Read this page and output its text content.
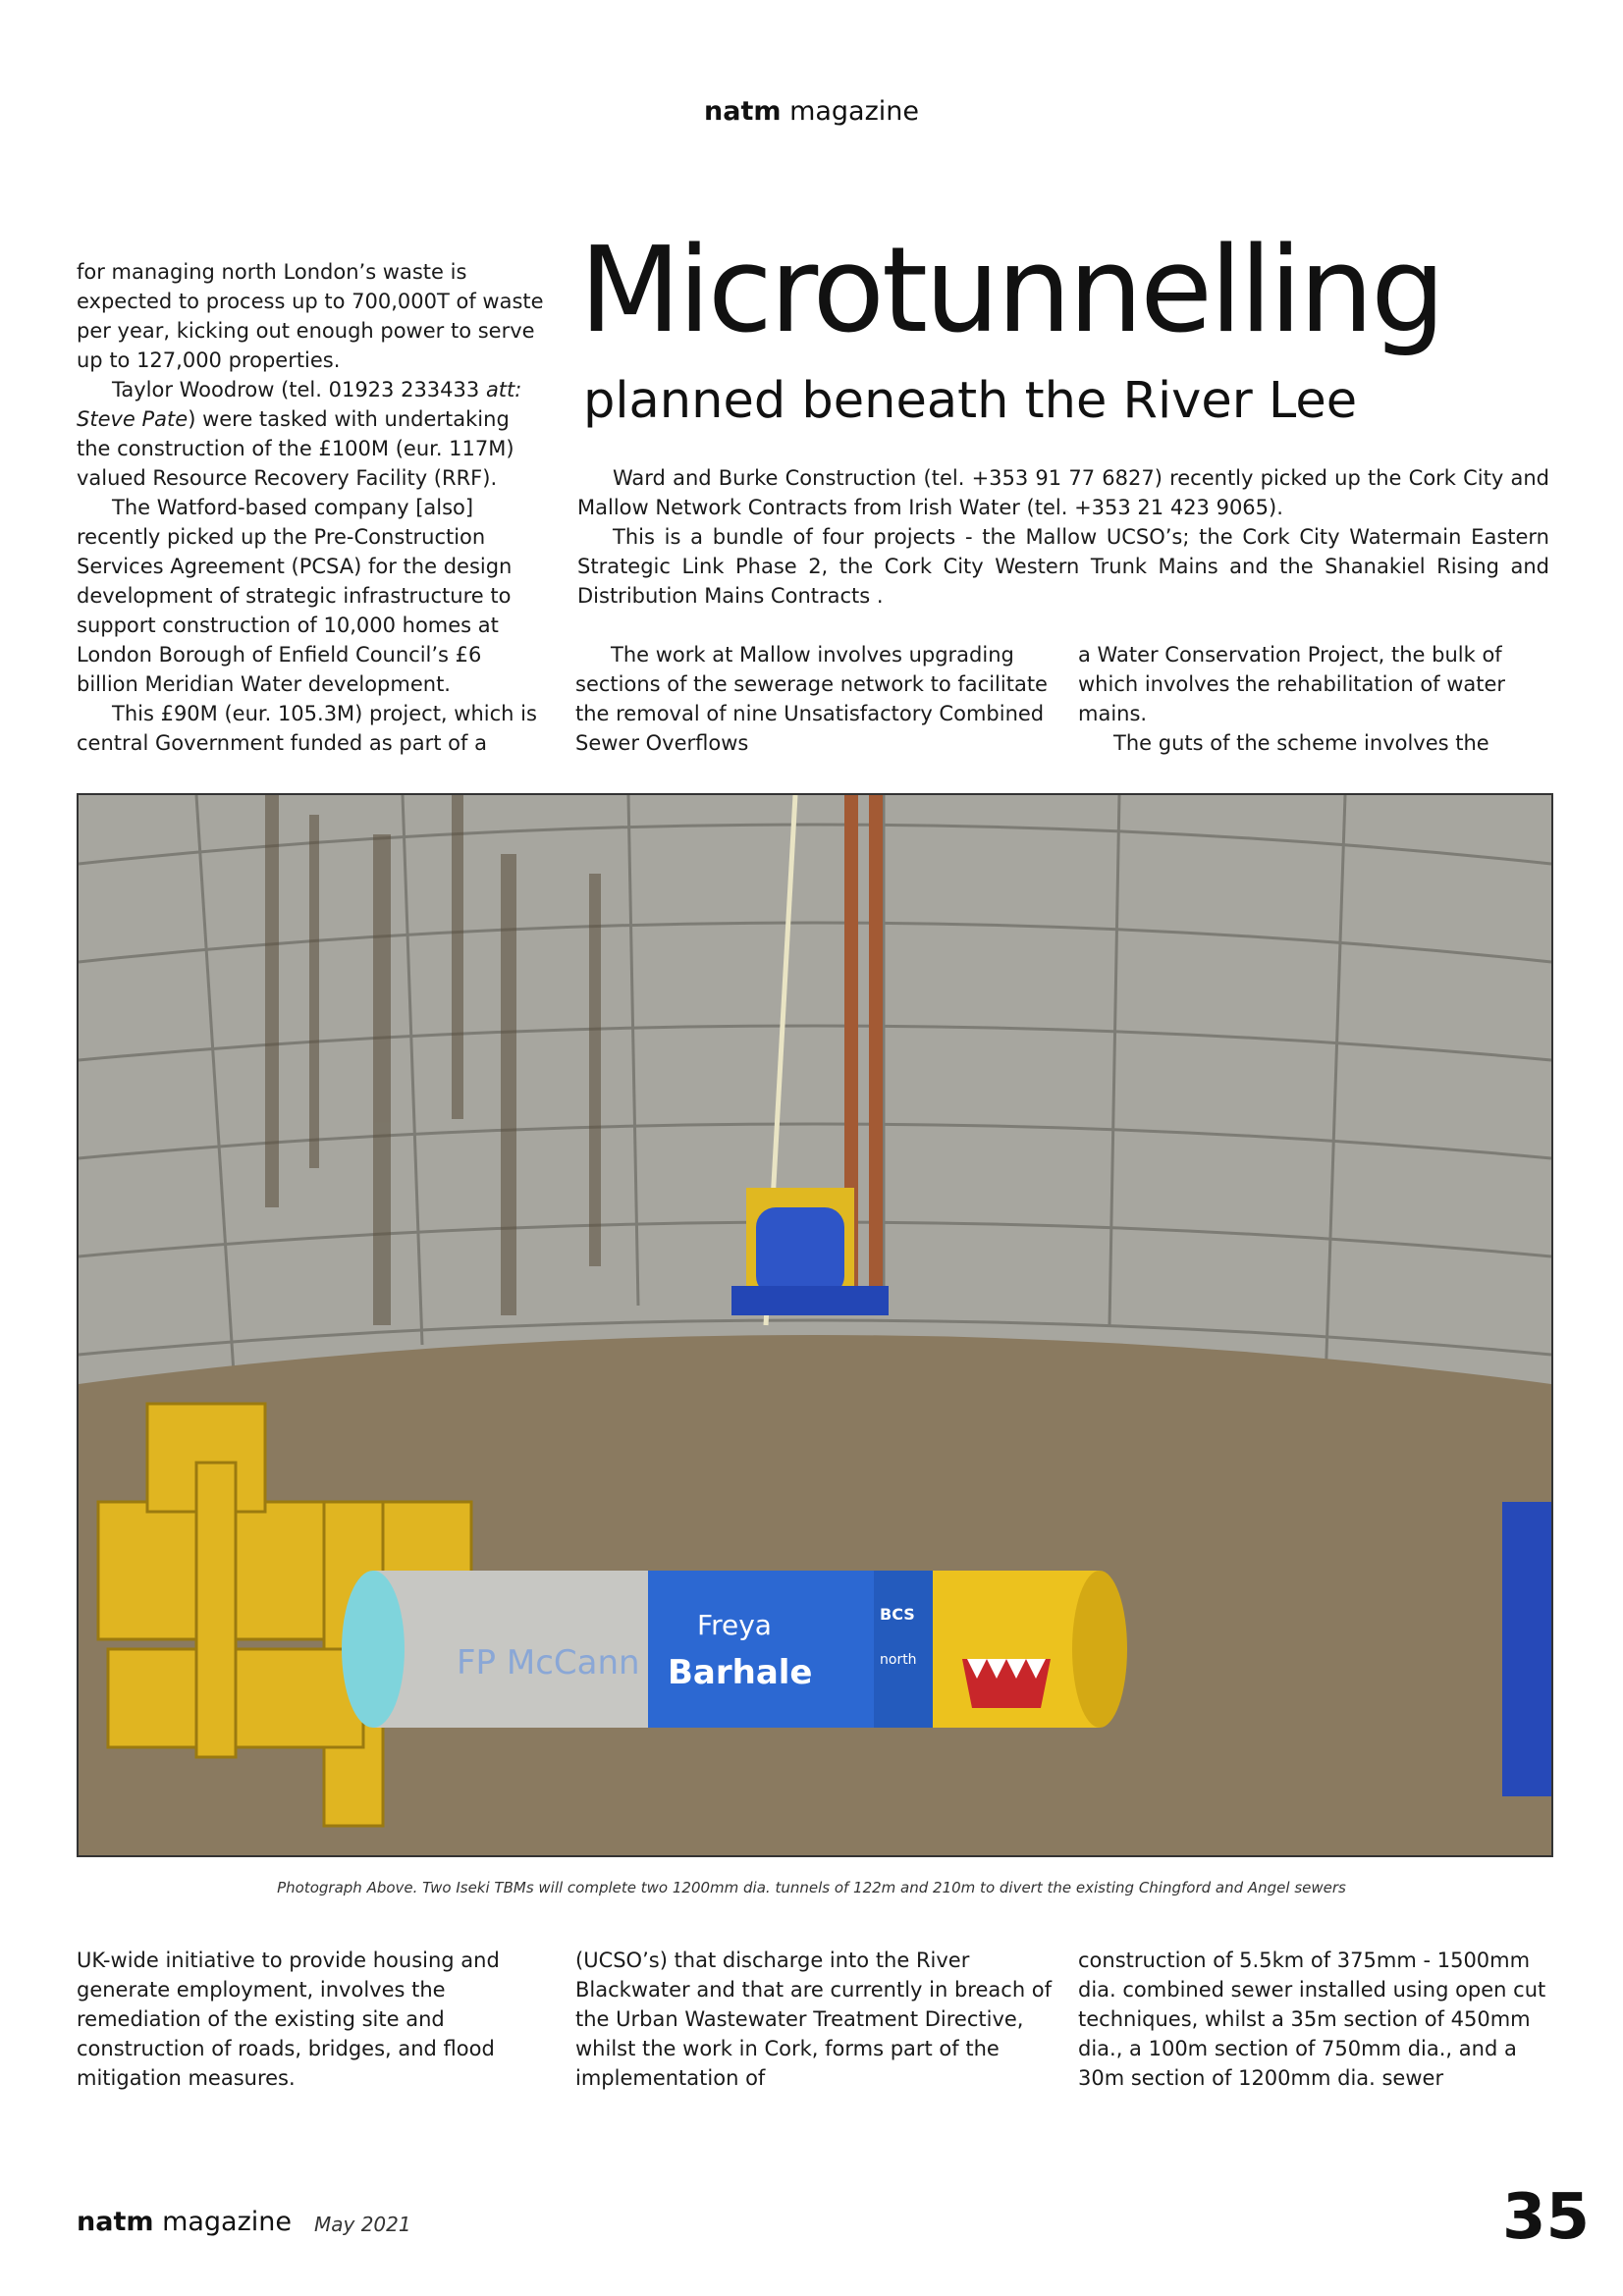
natm magazine

for managing north London’s waste is expected to process up to 700,000T of waste per year, kicking out enough power to serve up to 127,000 properties.

Taylor Woodrow (tel. 01923 233433 att: Steve Pate) were tasked with undertaking the construction of the £100M (eur. 117M) valued Resource Recovery Facility (RRF).

The Watford-based company [also] recently picked up the Pre-Construction Services Agreement (PCSA) for the design development of strategic infrastructure to support construction of 10,000 homes at London Borough of Enfield Council’s £6 billion Meridian Water development.

This £90M (eur. 105.3M) project, which is central Government funded as part of a

Microtunnelling
planned beneath the River Lee

Ward and Burke Construction (tel. +353 91 77 6827) recently picked up the Cork City and Mallow Network Contracts from Irish Water (tel. +353 21 423 9065).

This is a bundle of four projects - the Mallow UCSO’s; the Cork City Watermain Eastern Strategic Link Phase 2, the Cork City Western Trunk Mains and the Shanakiel Rising and Distribution Mains Contracts .

The work at Mallow involves upgrading sections of the sewerage network to facilitate the removal of nine Unsatisfactory Combined Sewer Overflows

a Water Conservation Project, the bulk of which involves the rehabilitation of water mains.

The guts of the scheme involves the

FP McCann
Freya
Barhale
BCS
north
Photograph Above. Two Iseki TBMs will complete two 1200mm dia. tunnels of 122m and 210m to divert the existing Chingford and Angel sewers

UK-wide initiative to provide housing and generate employment, involves the remediation of the existing site and construction of roads, bridges, and flood mitigation measures.

(UCSO’s) that discharge into the River Blackwater and that are currently in breach of the Urban Wastewater Treatment Directive, whilst the work in Cork, forms part of the implementation of

construction of 5.5km of 375mm - 1500mm dia. combined sewer installed using open cut techniques, whilst a 35m section of 450mm dia., a 100m section of 750mm dia., and a 30m section of 1200mm dia. sewer

natm magazine May 2021	35
